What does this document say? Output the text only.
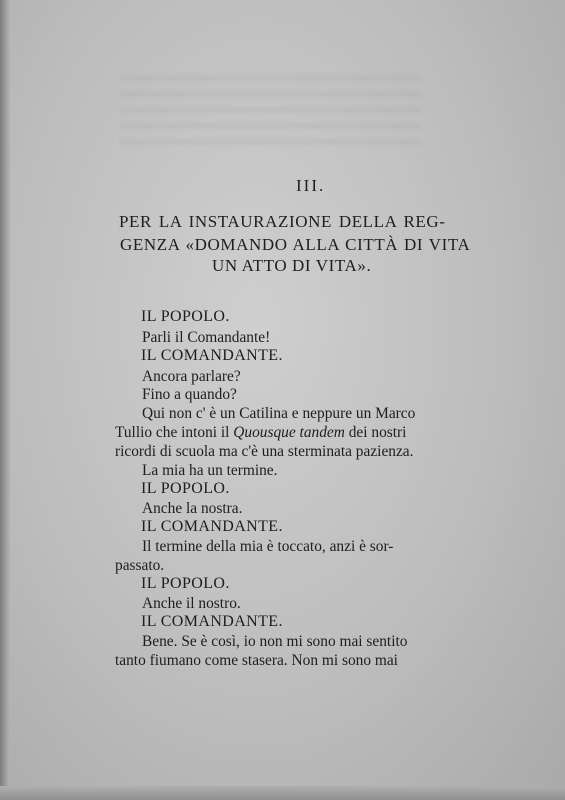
III.
PER LA INSTAURAZIONE DELLA REG-
GENZA «DOMANDO ALLA CITTÀ DI VITA
UN ATTO DI VITA».
IL POPOLO.
Parli il Comandante!
IL COMANDANTE.
Ancora parlare?
Fino a quando?
Qui non c' è un Catilina e neppure un Marco
Tullio che intoni il Quousque tandem dei nostri
ricordi di scuola ma c'è una sterminata pazienza.
La mia ha un termine.
IL POPOLO.
Anche la nostra.
IL COMANDANTE.
Il termine della mia è toccato, anzi è sor-
passato.
IL POPOLO.
Anche il nostro.
IL COMANDANTE.
Bene. Se è così, io non mi sono mai sentito
tanto fiumano come stasera. Non mi sono mai
